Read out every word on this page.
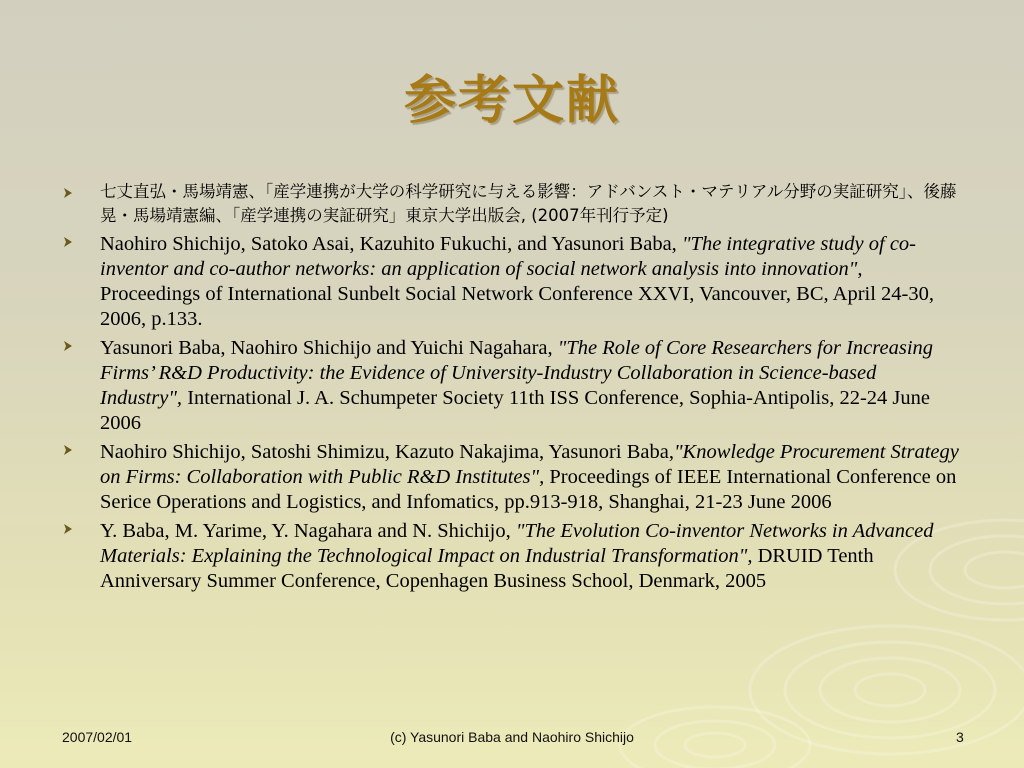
参考文献
七丈直弘・馬場靖憲、「産学連携が大学の科学研究に与える影響：アドバンスト・マテリアル分野の実証研究」、後藤晃・馬場靖憲編、「産学連携の実証研究」東京大学出版会, (2007年刊行予定)
Naohiro Shichijo, Satoko Asai, Kazuhito Fukuchi, and Yasunori Baba, "The integrative study of co-inventor and co-author networks: an application of social network analysis into innovation", Proceedings of International Sunbelt Social Network Conference XXVI, Vancouver, BC, April 24-30, 2006, p.133.
Yasunori Baba, Naohiro Shichijo and Yuichi Nagahara, "The Role of Core Researchers for Increasing Firms’ R&D Productivity: the Evidence of University-Industry Collaboration in Science-based Industry", International J. A. Schumpeter Society 11th ISS Conference, Sophia-Antipolis, 22-24 June 2006
Naohiro Shichijo, Satoshi Shimizu, Kazuto Nakajima, Yasunori Baba,"Knowledge Procurement Strategy on Firms: Collaboration with Public R&D Institutes", Proceedings of IEEE International Conference on Serice Operations and Logistics, and Infomatics, pp.913-918, Shanghai, 21-23 June 2006
Y. Baba, M. Yarime, Y. Nagahara and N. Shichijo, "The Evolution Co-inventor Networks in Advanced Materials: Explaining the Technological Impact on Industrial Transformation", DRUID Tenth Anniversary Summer Conference, Copenhagen Business School, Denmark, 2005
2007/02/01	(c) Yasunori Baba and Naohiro Shichijo	3
